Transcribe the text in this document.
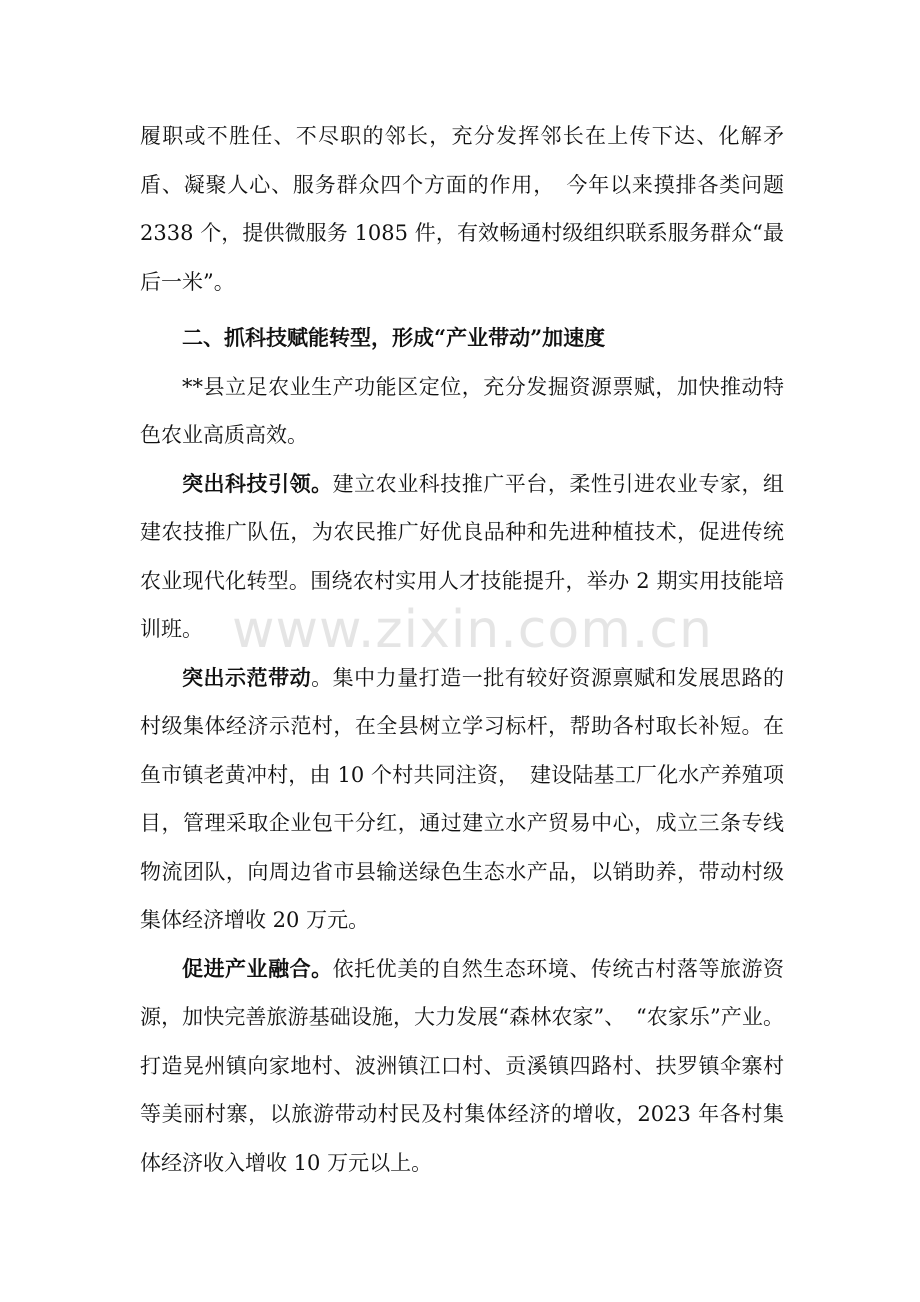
履职或不胜任、不尽职的邻长，充分发挥邻长在上传下达、化解矛盾、凝聚人心、服务群众四个方面的作用，　今年以来摸排各类问题 2338 个，提供微服务 1085 件，有效畅通村级组织联系服务群众“最后一米”。

二、抓科技赋能转型，形成“产业带动”加速度

**县立足农业生产功能区定位，充分发掘资源票赋，加快推动特色农业高质高效。

突出科技引领。建立农业科技推广平台，柔性引进农业专家，组建农技推广队伍，为农民推广好优良品种和先进种植技术，促进传统农业现代化转型。围绕农村实用人才技能提升，举办 2 期实用技能培训班。

突出示范带动。集中力量打造一批有较好资源禀赋和发展思路的村级集体经济示范村，在全县树立学习标杆，帮助各村取长补短。在鱼市镇老黄冲村，由 10 个村共同注资，　建设陆基工厂化水产养殖项目，管理采取企业包干分红，通过建立水产贸易中心，成立三条专线物流团队，向周边省市县输送绿色生态水产品，以销助养，带动村级集体经济增收 20 万元。

促进产业融合。依托优美的自然生态环境、传统古村落等旅游资源，加快完善旅游基础设施，大力发展“森林农家”、　“农家乐”产业。打造晃州镇向家地村、波洲镇江口村、贡溪镇四路村、扶罗镇伞寨村等美丽村寨，以旅游带动村民及村集体经济的增收，2023 年各村集体经济收入增收 10 万元以上。

www.zixin.com.cn
